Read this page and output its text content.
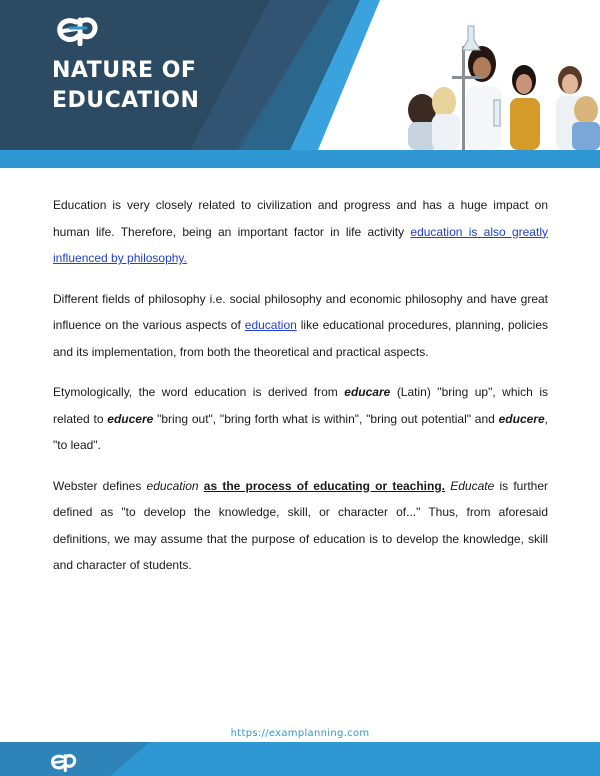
NATURE OF
EDUCATION

Education is very closely related to civilization and progress and has a huge impact on human life. Therefore, being an important factor in life activity education is also greatly influenced by philosophy.

Different fields of philosophy i.e. social philosophy and economic philosophy and have great influence on the various aspects of education like educational procedures, planning, policies and its implementation, from both the theoretical and practical aspects.

Etymologically, the word education is derived from educare (Latin) "bring up", which is related to educere "bring out", "bring forth what is within", "bring out potential" and educere, "to lead".

Webster defines education as the process of educating or teaching. Educate is further defined as "to develop the knowledge, skill, or character of..." Thus, from aforesaid definitions, we may assume that the purpose of education is to develop the knowledge, skill and character of students.

https://examplanning.com
